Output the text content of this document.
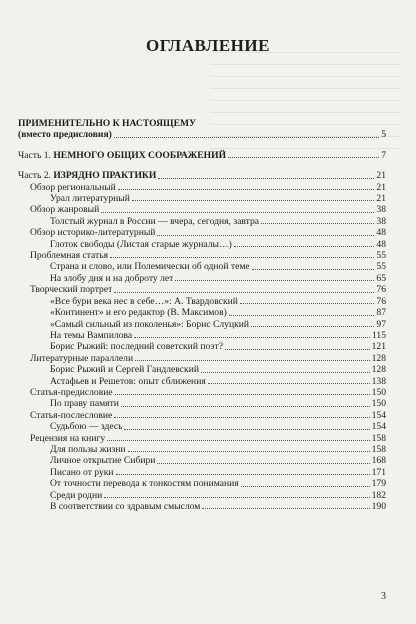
ОГЛАВЛЕНИЕ
ПРИМЕНИТЕЛЬНО К НАСТОЯЩЕМУ
(вместо предисловия)	5
Часть 1. НЕМНОГО ОБЩИХ СООБРАЖЕНИЙ	7
Часть 2. ИЗРЯДНО ПРАКТИКИ	21
Обзор региональный	21
Урал литературный	21
Обзор жанровый	38
Толстый журнал в России — вчера, сегодня, завтра	38
Обзор историко-литературный	48
Глоток свободы (Листая старые журналы…)	48
Проблемная статья	55
Страна и слово, или Полемически об одной теме	55
На злобу дня и на доброту лет	65
Творческий портрет	76
«Все бури века нес в себе…»: А. Твардовский	76
«Континент» и его редактор (В. Максимов)	87
«Самый сильный из поколенья»: Борис Слуцкий	97
На темы Вампилова	115
Борис Рыжий: последний советский поэт?	121
Литературные параллели	128
Борис Рыжий и Сергей Гандлевский	128
Астафьев и Решетов: опыт сближения	138
Статья-предисловие	150
По праву памяти	150
Статья-послесловие	154
Судьбою — здесь	154
Рецензия на книгу	158
Для пользы жизни	158
Личное открытие Сибири	168
Писано от руки	171
От точности перевода к тонкостям понимания	179
Среди родни	182
В соответствии со здравым смыслом	190
3
